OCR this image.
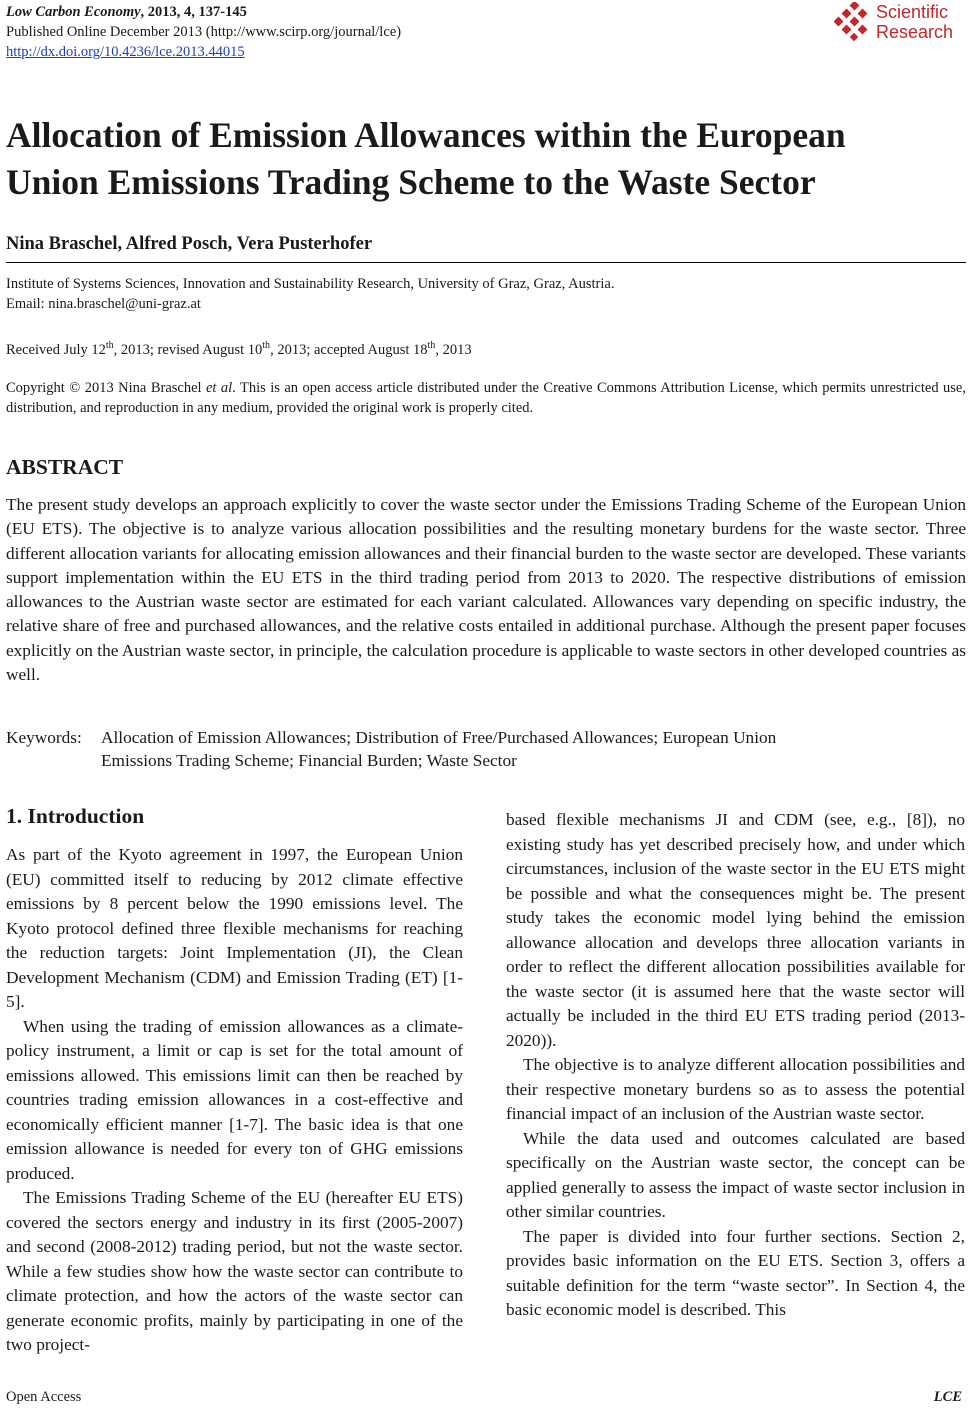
Low Carbon Economy, 2013, 4, 137-145
Published Online December 2013 (http://www.scirp.org/journal/lce)
http://dx.doi.org/10.4236/lce.2013.44015
Scientific
Research
Allocation of Emission Allowances within the European
Union Emissions Trading Scheme to the Waste Sector
Nina Braschel, Alfred Posch, Vera Pusterhofer
Institute of Systems Sciences, Innovation and Sustainability Research, University of Graz, Graz, Austria.
Email: nina.braschel@uni-graz.at
Received July 12th, 2013; revised August 10th, 2013; accepted August 18th, 2013
Copyright © 2013 Nina Braschel et al. This is an open access article distributed under the Creative Commons Attribution License, which permits unrestricted use, distribution, and reproduction in any medium, provided the original work is properly cited.
ABSTRACT
The present study develops an approach explicitly to cover the waste sector under the Emissions Trading Scheme of the European Union (EU ETS). The objective is to analyze various allocation possibilities and the resulting monetary burdens for the waste sector. Three different allocation variants for allocating emission allowances and their financial burden to the waste sector are developed. These variants support implementation within the EU ETS in the third trading period from 2013 to 2020. The respective distributions of emission allowances to the Austrian waste sector are estimated for each variant calculated. Allowances vary depending on specific industry, the relative share of free and purchased allowances, and the relative costs entailed in additional purchase. Although the present paper focuses explicitly on the Austrian waste sector, in principle, the calculation procedure is applicable to waste sectors in other developed countries as well.
Keywords: Allocation of Emission Allowances; Distribution of Free/Purchased Allowances; European Union
Emissions Trading Scheme; Financial Burden; Waste Sector
1. Introduction
As part of the Kyoto agreement in 1997, the European Union (EU) committed itself to reducing by 2012 climate effective emissions by 8 percent below the 1990 emissions level. The Kyoto protocol defined three flexible mechanisms for reaching the reduction targets: Joint Implementation (JI), the Clean Development Mechanism (CDM) and Emission Trading (ET) [1-5].
When using the trading of emission allowances as a climate-policy instrument, a limit or cap is set for the total amount of emissions allowed. This emissions limit can then be reached by countries trading emission allowances in a cost-effective and economically efficient manner [1-7]. The basic idea is that one emission allowance is needed for every ton of GHG emissions produced.
The Emissions Trading Scheme of the EU (hereafter EU ETS) covered the sectors energy and industry in its first (2005-2007) and second (2008-2012) trading period, but not the waste sector. While a few studies show how the waste sector can contribute to climate protection, and how the actors of the waste sector can generate economic profits, mainly by participating in one of the two project-
based flexible mechanisms JI and CDM (see, e.g., [8]), no existing study has yet described precisely how, and under which circumstances, inclusion of the waste sector in the EU ETS might be possible and what the consequences might be. The present study takes the economic model lying behind the emission allowance allocation and develops three allocation variants in order to reflect the different allocation possibilities available for the waste sector (it is assumed here that the waste sector will actually be included in the third EU ETS trading period (2013-2020)).
The objective is to analyze different allocation possibilities and their respective monetary burdens so as to assess the potential financial impact of an inclusion of the Austrian waste sector.
While the data used and outcomes calculated are based specifically on the Austrian waste sector, the concept can be applied generally to assess the impact of waste sector inclusion in other similar countries.
The paper is divided into four further sections. Section 2, provides basic information on the EU ETS. Section 3, offers a suitable definition for the term “waste sector”. In Section 4, the basic economic model is described. This
Open Access	LCE
